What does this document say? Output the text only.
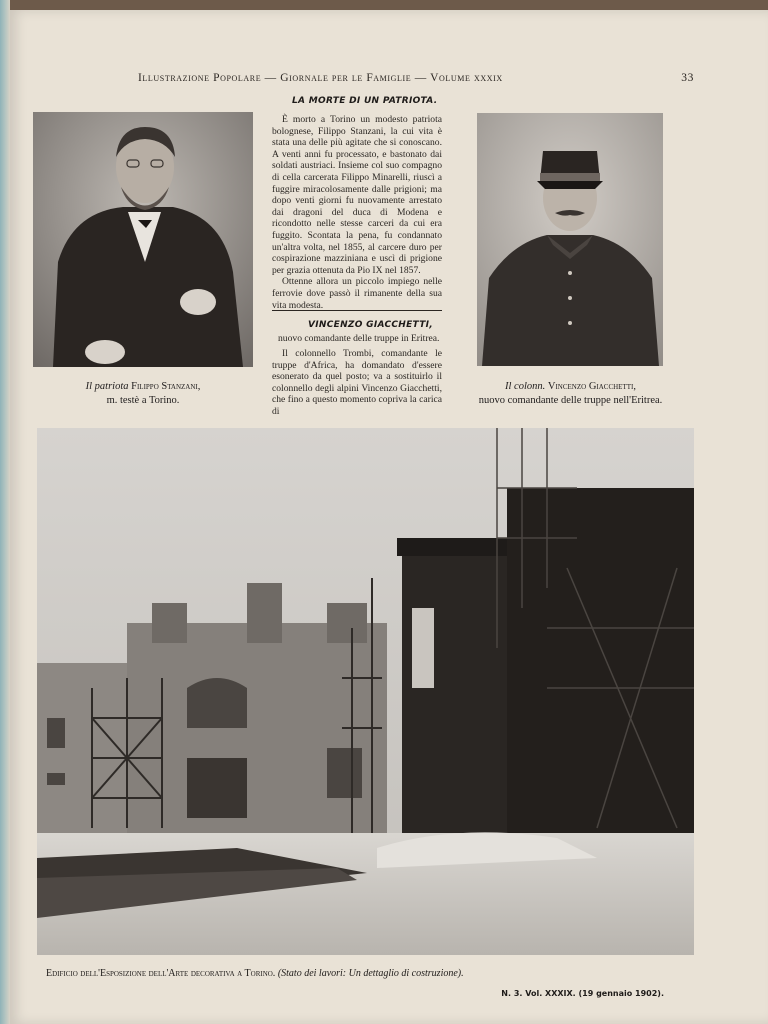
Illustrazione Popolare — Giornale per le Famiglie — Volume xxxix	33
Il patriota Filippo Stanzani,
m. testè a Torino.
LA MORTE DI UN PATRIOTA.

È morto a Torino un modesto patriota bolognese, Filippo Stanzani, la cui vita è stata una delle più agitate che si conoscano. A venti anni fu processato, e bastonato dai soldati austriaci. Insieme col suo compagno di cella carcerata Filippo Minarelli, riuscì a fuggire miracolosamente dalle prigioni; ma dopo venti giorni fu nuovamente arrestato dai dragoni del duca di Modena e ricondotto nelle stesse carceri da cui era fuggito. Scontata la pena, fu condannato un'altra volta, nel 1855, al carcere duro per cospirazione mazziniana e uscì di prigione per grazia ottenuta da Pio IX nel 1857.

Ottenne allora un piccolo impiego nelle ferrovie dove passò il rimanente della sua vita modesta.

VINCENZO GIACCHETTI,
nuovo comandante delle truppe in Eritrea.

Il colonnello Trombi, comandante le truppe d'Africa, ha domandato d'essere esonerato da quel posto; va a sostituirlo il colonnello degli alpini Vincenzo Giacchetti, che fino a questo momento copriva la carica di

Il colonn. Vincenzo Giacchetti,
nuovo comandante delle truppe nell'Eritrea.
Edificio dell'Esposizione dell'Arte decorativa a Torino. (Stato dei lavori: Un dettaglio di costruzione).
N. 3. Vol. XXXIX. (19 gennaio 1902).
